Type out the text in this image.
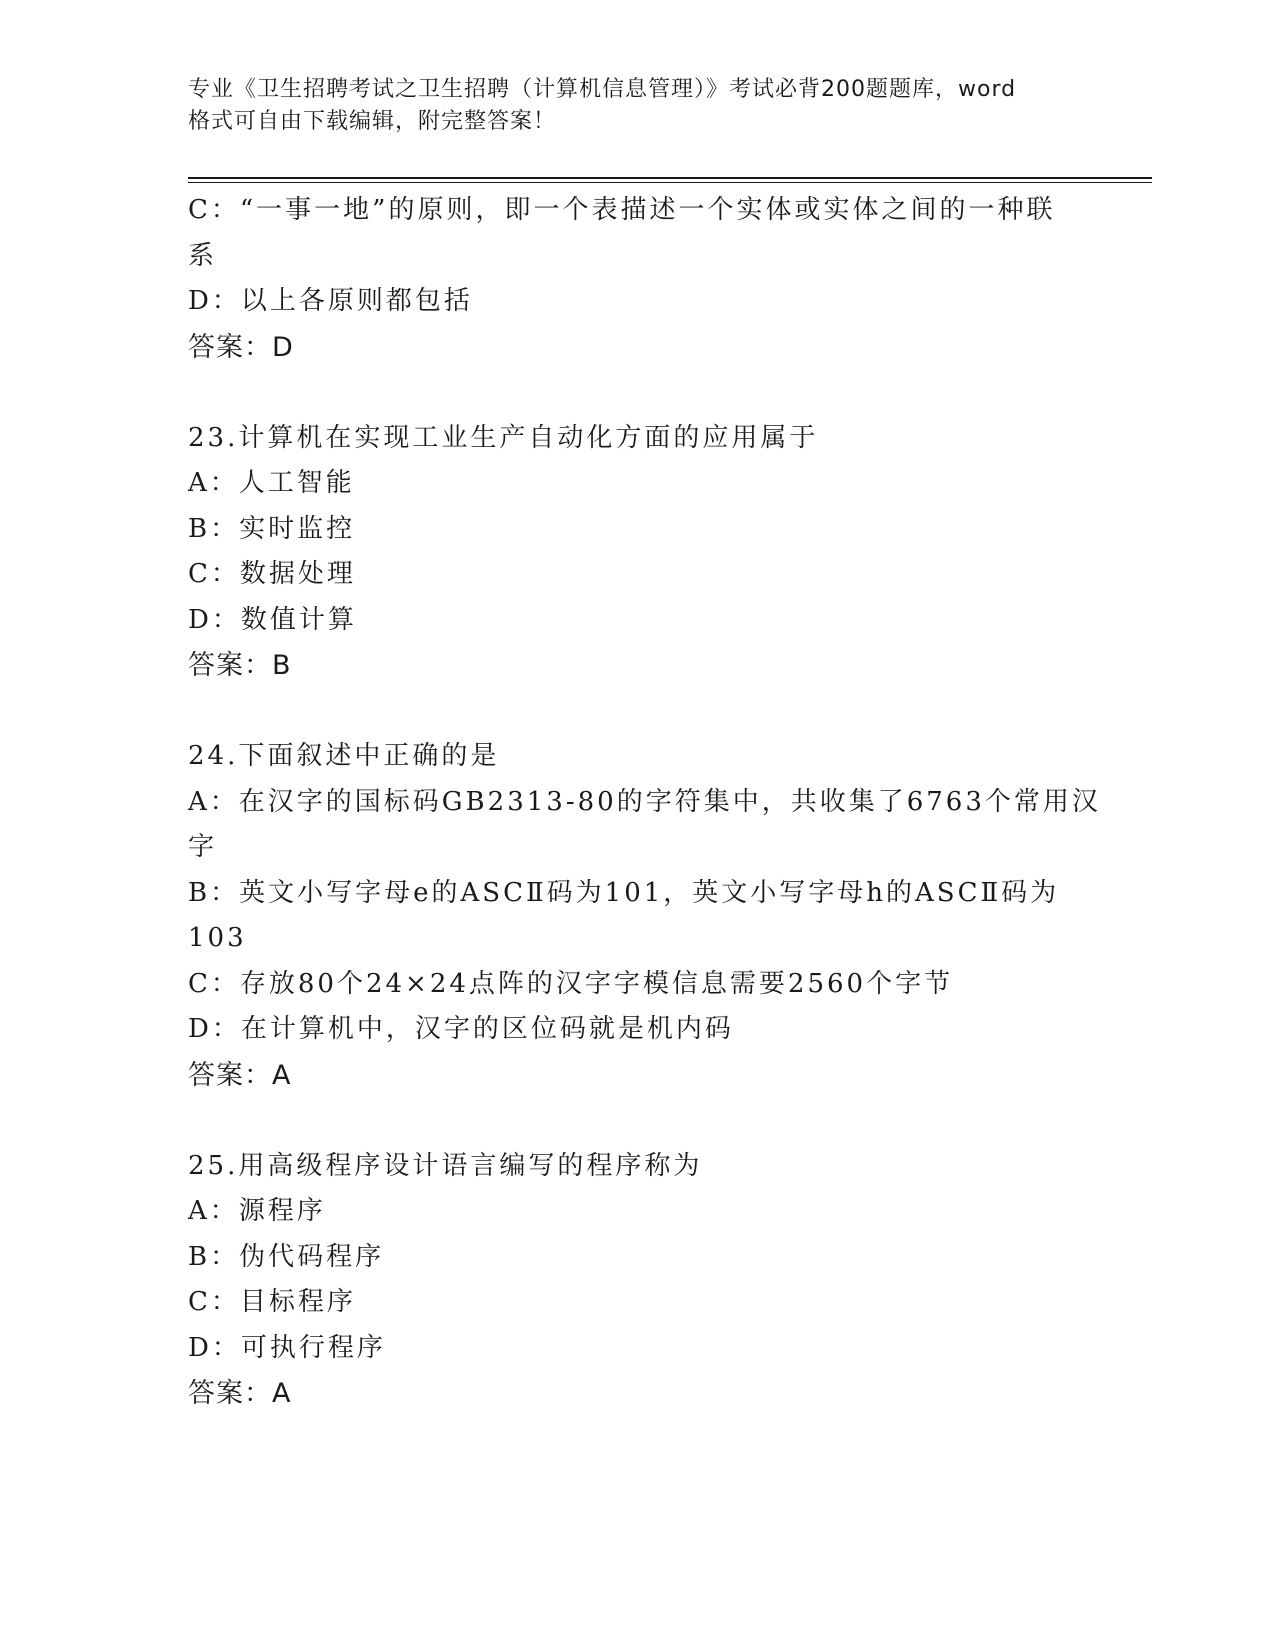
专业《卫生招聘考试之卫生招聘（计算机信息管理）》考试必背200题题库，word
格式可自由下载编辑，附完整答案！
C：“一事一地”的原则，即一个表描述一个实体或实体之间的一种联
系
D：以上各原则都包括
答案：D
23.计算机在实现工业生产自动化方面的应用属于
A：人工智能
B：实时监控
C：数据处理
D：数值计算
答案：B
24.下面叙述中正确的是
A：在汉字的国标码GB2313-80的字符集中，共收集了6763个常用汉
字
B：英文小写字母e的ASCⅡ码为101，英文小写字母h的ASCⅡ码为
103
C：存放80个24×24点阵的汉字字模信息需要2560个字节
D：在计算机中，汉字的区位码就是机内码
答案：A
25.用高级程序设计语言编写的程序称为
A：源程序
B：伪代码程序
C：目标程序
D：可执行程序
答案：A
